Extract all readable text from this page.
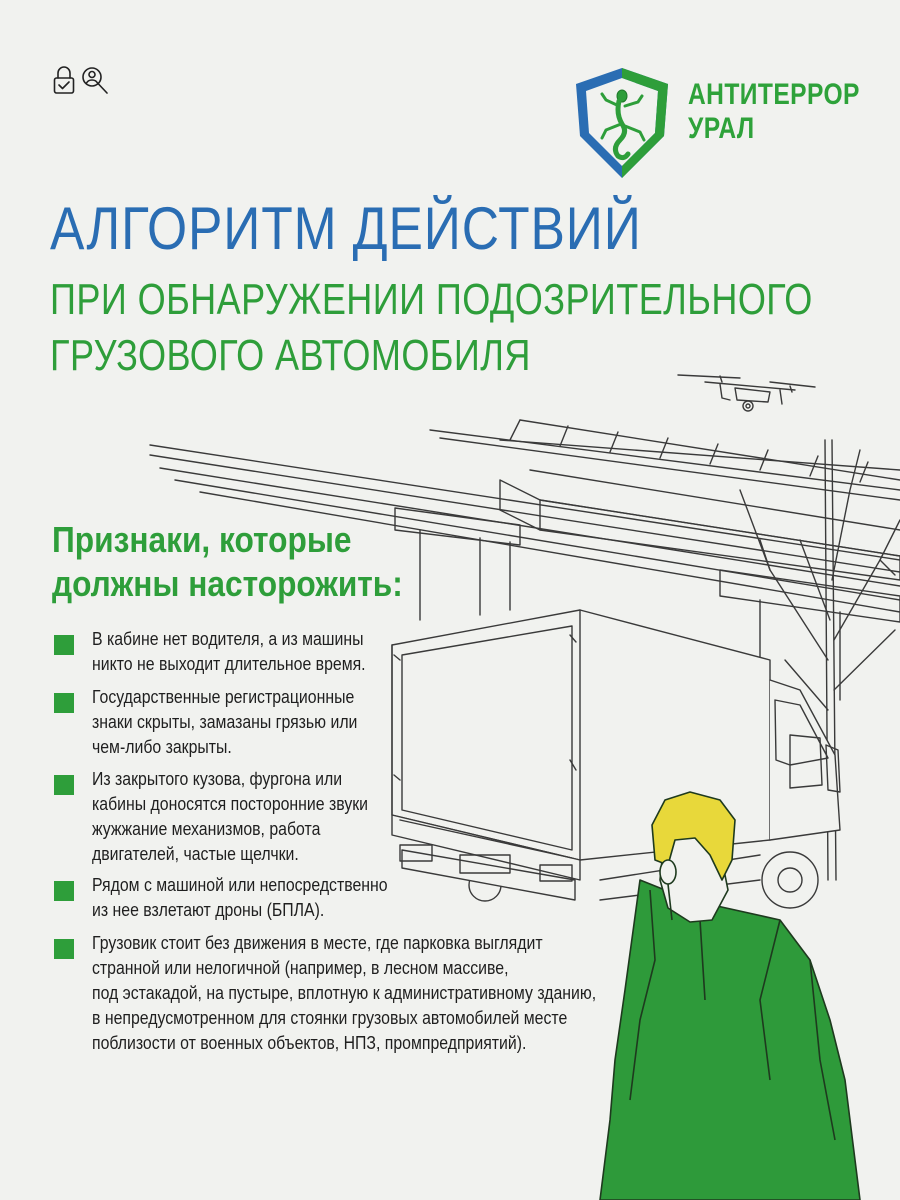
АНТИТЕРРОР
УРАЛ
АЛГОРИТМ ДЕЙСТВИЙ
ПРИ ОБНАРУЖЕНИИ ПОДОЗРИТЕЛЬНОГО
ГРУЗОВОГО АВТОМОБИЛЯ
Признаки, которые
должны насторожить:
В кабине нет водителя, а из машины
никто не выходит длительное время.
Государственные регистрационные
знаки скрыты, замазаны грязью или
чем-либо закрыты.
Из закрытого кузова, фургона или
кабины доносятся посторонние звуки
жужжание механизмов, работа
двигателей, частые щелчки.
Рядом с машиной или непосредственно
из нее взлетают дроны (БПЛА).
Грузовик стоит без движения в месте, где парковка выглядит
странной или нелогичной (например, в лесном массиве,
под эстакадой, на пустыре, вплотную к административному зданию,
в непредусмотренном для стоянки грузовых автомобилей месте
поблизости от военных объектов, НПЗ, промпредприятий).
